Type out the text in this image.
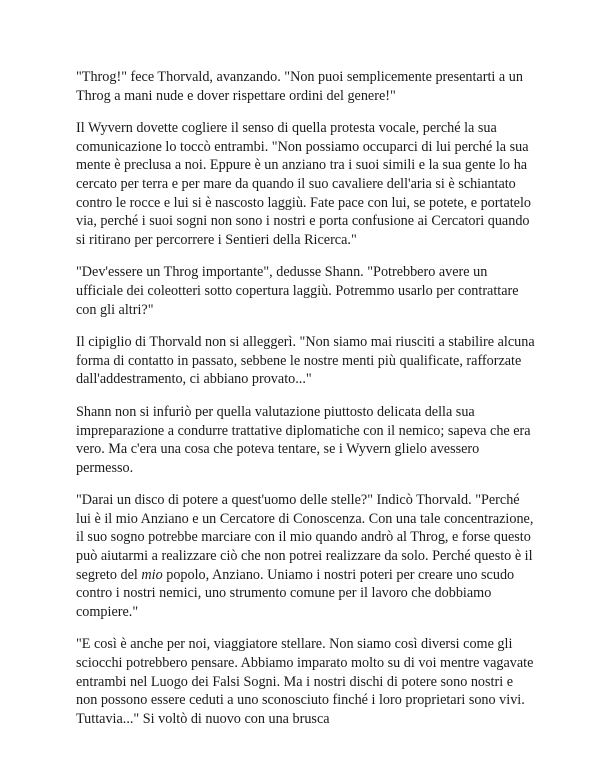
"Throg!" fece Thorvald, avanzando. "Non puoi semplicemente presentarti a un Throg a mani nude e dover rispettare ordini del genere!"

Il Wyvern dovette cogliere il senso di quella protesta vocale, perché la sua comunicazione lo toccò entrambi. "Non possiamo occuparci di lui perché la sua mente è preclusa a noi. Eppure è un anziano tra i suoi simili e la sua gente lo ha cercato per terra e per mare da quando il suo cavaliere dell'aria si è schiantato contro le rocce e lui si è nascosto laggiù. Fate pace con lui, se potete, e portatelo via, perché i suoi sogni non sono i nostri e porta confusione ai Cercatori quando si ritirano per percorrere i Sentieri della Ricerca."

"Dev'essere un Throg importante", dedusse Shann. "Potrebbero avere un ufficiale dei coleotteri sotto copertura laggiù. Potremmo usarlo per contrattare con gli altri?"

Il cipiglio di Thorvald non si alleggerì. "Non siamo mai riusciti a stabilire alcuna forma di contatto in passato, sebbene le nostre menti più qualificate, rafforzate dall'addestramento, ci abbiano provato..."

Shann non si infuriò per quella valutazione piuttosto delicata della sua impreparazione a condurre trattative diplomatiche con il nemico; sapeva che era vero. Ma c'era una cosa che poteva tentare, se i Wyvern glielo avessero permesso.

"Darai un disco di potere a quest'uomo delle stelle?" Indicò Thorvald. "Perché lui è il mio Anziano e un Cercatore di Conoscenza. Con una tale concentrazione, il suo sogno potrebbe marciare con il mio quando andrò al Throg, e forse questo può aiutarmi a realizzare ciò che non potrei realizzare da solo. Perché questo è il segreto del mio popolo, Anziano. Uniamo i nostri poteri per creare uno scudo contro i nostri nemici, uno strumento comune per il lavoro che dobbiamo compiere."

"E così è anche per noi, viaggiatore stellare. Non siamo così diversi come gli sciocchi potrebbero pensare. Abbiamo imparato molto su di voi mentre vagavate entrambi nel Luogo dei Falsi Sogni. Ma i nostri dischi di potere sono nostri e non possono essere ceduti a uno sconosciuto finché i loro proprietari sono vivi. Tuttavia..." Si voltò di nuovo con una brusca
